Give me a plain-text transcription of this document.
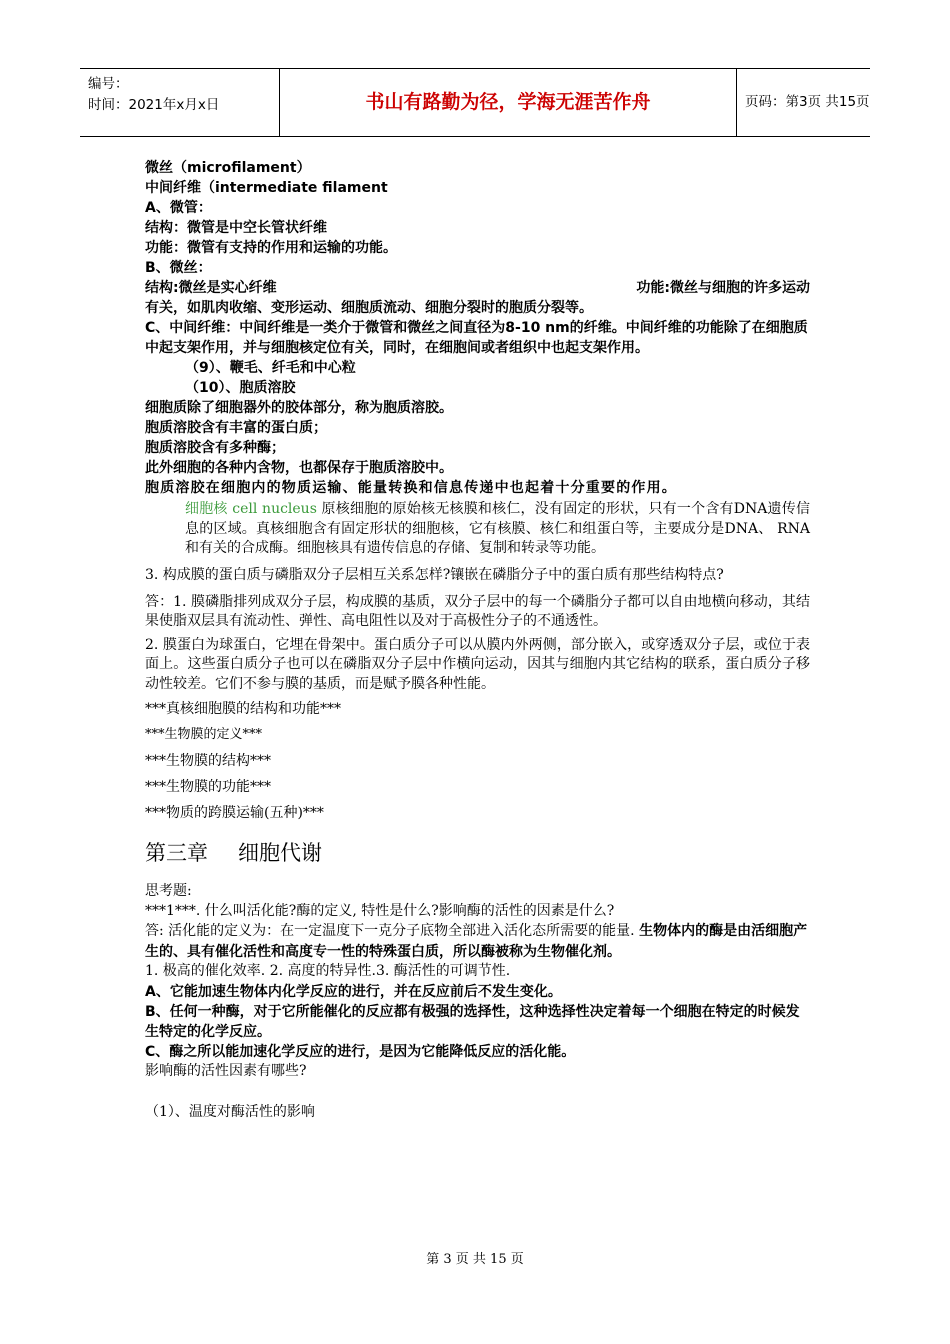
编号：
时间：2021年x月x日	书山有路勤为径，学海无涯苦作舟	页码：第3页 共15页

微丝（microfilament）

中间纤维（intermediate filament

A、微管：

结构：微管是中空长管状纤维

功能：微管有支持的作用和运输的功能。

B、微丝：

结构:微丝是实心纤维	功能:微丝与细胞的许多运动

有关，如肌肉收缩、变形运动、细胞质流动、细胞分裂时的胞质分裂等。

C、中间纤维：中间纤维是一类介于微管和微丝之间直径为8-10 nm的纤维。中间纤维的功能除了在细胞质中起支架作用，并与细胞核定位有关，同时，在细胞间或者组织中也起支架作用。

（9）、鞭毛、纤毛和中心粒

（10）、胞质溶胶

细胞质除了细胞器外的胶体部分，称为胞质溶胶。

胞质溶胶含有丰富的蛋白质；

胞质溶胶含有多种酶；

此外细胞的各种内含物，也都保存于胞质溶胶中。

胞质溶胶在细胞内的物质运输、能量转换和信息传递中也起着十分重要的作用。

细胞核 cell nucleus 原核细胞的原始核无核膜和核仁，没有固定的形状，只有一个含有DNA遗传信息的区域。真核细胞含有固定形状的细胞核，它有核膜、核仁和组蛋白等，主要成分是DNA、 RNA和有关的合成酶。细胞核具有遗传信息的存储、复制和转录等功能。

3. 构成膜的蛋白质与磷脂双分子层相互关系怎样?镶嵌在磷脂分子中的蛋白质有那些结构特点?

答：1. 膜磷脂排列成双分子层，构成膜的基质，双分子层中的每一个磷脂分子都可以自由地横向移动，其结果使脂双层具有流动性、弹性、高电阻性以及对于高极性分子的不通透性。

2. 膜蛋白为球蛋白，它埋在骨架中。蛋白质分子可以从膜内外两侧，部分嵌入，或穿透双分子层，或位于表面上。这些蛋白质分子也可以在磷脂双分子层中作横向运动，因其与细胞内其它结构的联系，蛋白质分子移动性较差。它们不参与膜的基质，而是赋予膜各种性能。

***真核细胞膜的结构和功能***

***生物膜的定义***

***生物膜的结构***

***生物膜的功能***

***物质的跨膜运输(五种)***

第三章 细胞代谢

思考题:

***1***. 什么叫活化能?酶的定义, 特性是什么?影响酶的活性的因素是什么?

答: 活化能的定义为：在一定温度下一克分子底物全部进入活化态所需要的能量. 生物体内的酶是由活细胞产生的、具有催化活性和高度专一性的特殊蛋白质，所以酶被称为生物催化剂。

1. 极高的催化效率. 2. 高度的特异性.3. 酶活性的可调节性.

A、它能加速生物体内化学反应的进行，并在反应前后不发生变化。

B、任何一种酶，对于它所能催化的反应都有极强的选择性，这种选择性决定着每一个细胞在特定的时候发生特定的化学反应。

C、酶之所以能加速化学反应的进行，是因为它能降低反应的活化能。

影响酶的活性因素有哪些?

（1）、温度对酶活性的影响

第 3 页 共 15 页
